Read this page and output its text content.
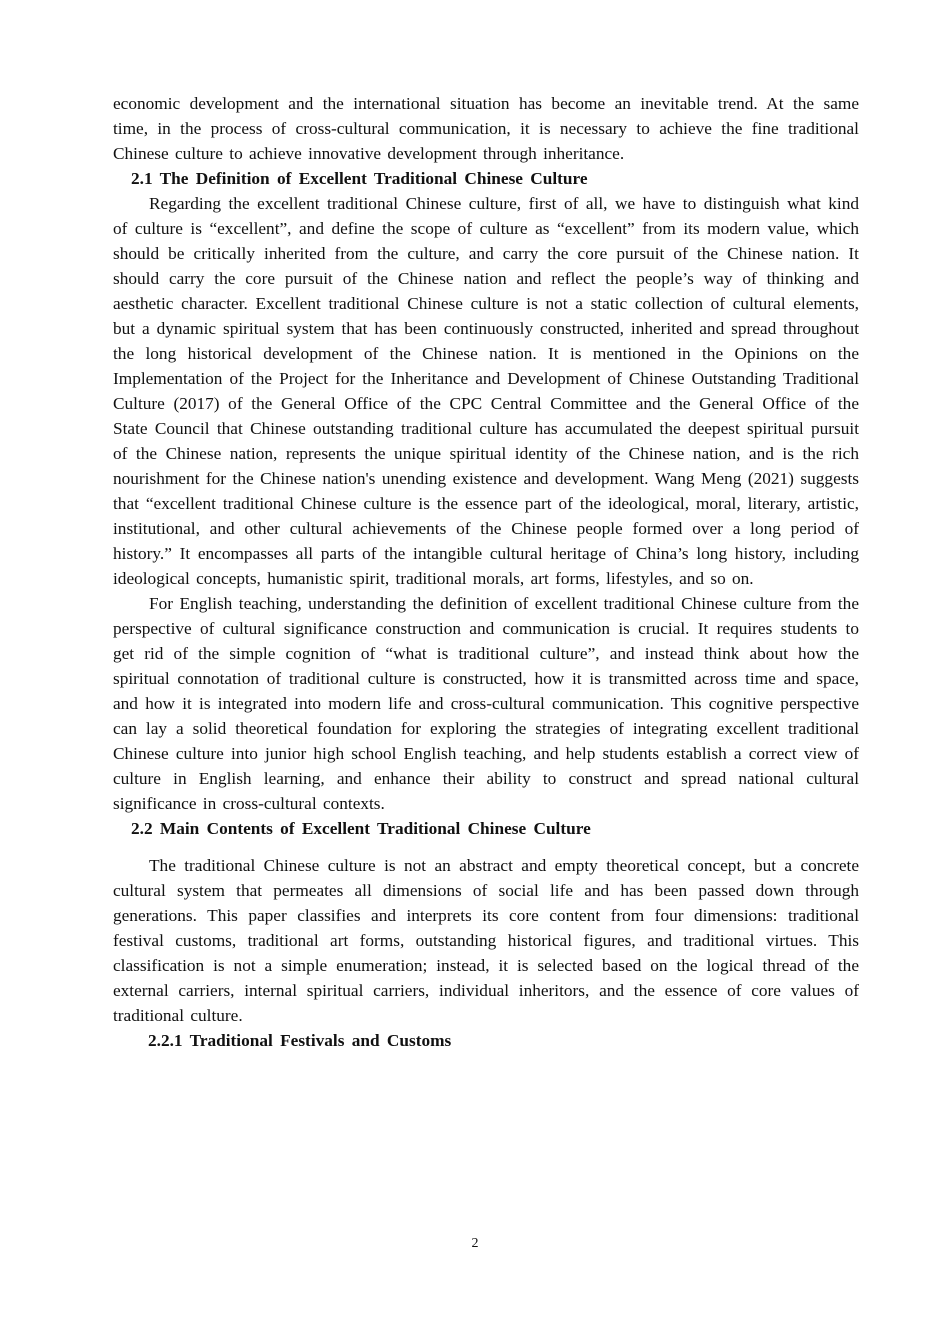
economic development and the international situation has become an inevitable trend. At the same time, in the process of cross-cultural communication, it is necessary to achieve the fine traditional Chinese culture to achieve innovative development through inheritance.

2.1 The Definition of Excellent Traditional Chinese Culture

Regarding the excellent traditional Chinese culture, first of all, we have to distinguish what kind of culture is “excellent”, and define the scope of culture as “excellent” from its modern value, which should be critically inherited from the culture, and carry the core pursuit of the Chinese nation. It should carry the core pursuit of the Chinese nation and reflect the people’s way of thinking and aesthetic character. Excellent traditional Chinese culture is not a static collection of cultural elements, but a dynamic spiritual system that has been continuously constructed, inherited and spread throughout the long historical development of the Chinese nation. It is mentioned in the Opinions on the Implementation of the Project for the Inheritance and Development of Chinese Outstanding Traditional Culture (2017) of the General Office of the CPC Central Committee and the General Office of the State Council that Chinese outstanding traditional culture has accumulated the deepest spiritual pursuit of the Chinese nation, represents the unique spiritual identity of the Chinese nation, and is the rich nourishment for the Chinese nation's unending existence and development. Wang Meng (2021) suggests that “excellent traditional Chinese culture is the essence part of the ideological, moral, literary, artistic, institutional, and other cultural achievements of the Chinese people formed over a long period of history.” It encompasses all parts of the intangible cultural heritage of China’s long history, including ideological concepts, humanistic spirit, traditional morals, art forms, lifestyles, and so on.

For English teaching, understanding the definition of excellent traditional Chinese culture from the perspective of cultural significance construction and communication is crucial. It requires students to get rid of the simple cognition of “what is traditional culture”, and instead think about how the spiritual connotation of traditional culture is constructed, how it is transmitted across time and space, and how it is integrated into modern life and cross-cultural communication. This cognitive perspective can lay a solid theoretical foundation for exploring the strategies of integrating excellent traditional Chinese culture into junior high school English teaching, and help students establish a correct view of culture in English learning, and enhance their ability to construct and spread national cultural significance in cross-cultural contexts.

2.2 Main Contents of Excellent Traditional Chinese Culture

The traditional Chinese culture is not an abstract and empty theoretical concept, but a concrete cultural system that permeates all dimensions of social life and has been passed down through generations. This paper classifies and interprets its core content from four dimensions: traditional festival customs, traditional art forms, outstanding historical figures, and traditional virtues. This classification is not a simple enumeration; instead, it is selected based on the logical thread of the external carriers, internal spiritual carriers, individual inheritors, and the essence of core values of traditional culture.

2.2.1 Traditional Festivals and Customs
2
